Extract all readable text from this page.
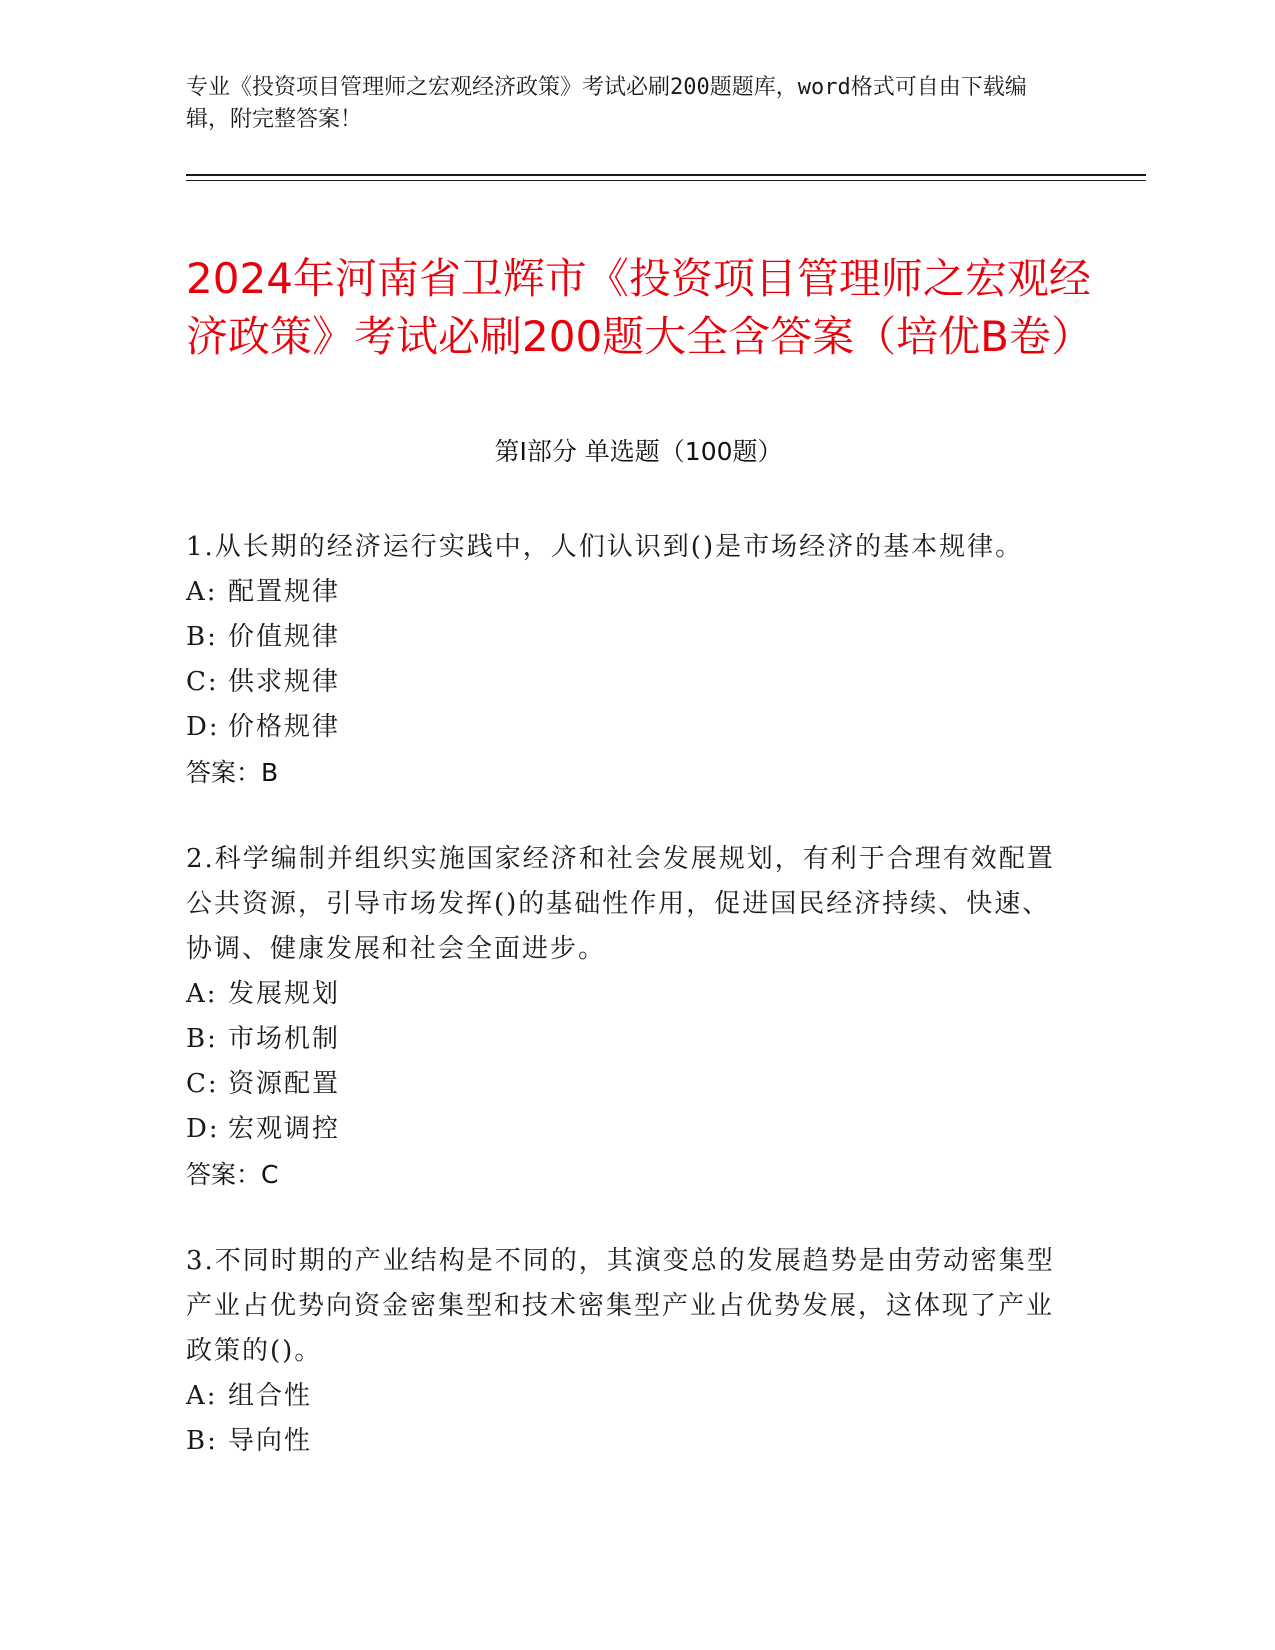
专业《投资项目管理师之宏观经济政策》考试必刷200题题库，word格式可自由下载编辑，附完整答案！
2024年河南省卫辉市《投资项目管理师之宏观经济政策》考试必刷200题大全含答案（培优B卷）
第Ⅰ部分 单选题（100题）

1.从长期的经济运行实践中，人们认识到()是市场经济的基本规律。

A: 配置规律

B: 价值规律

C: 供求规律

D: 价格规律

答案：B

2.科学编制并组织实施国家经济和社会发展规划，有利于合理有效配置公共资源，引导市场发挥()的基础性作用，促进国民经济持续、快速、协调、健康发展和社会全面进步。

A: 发展规划

B: 市场机制

C: 资源配置

D: 宏观调控

答案：C

3.不同时期的产业结构是不同的，其演变总的发展趋势是由劳动密集型产业占优势向资金密集型和技术密集型产业占优势发展，这体现了产业政策的()。

A: 组合性

B: 导向性
